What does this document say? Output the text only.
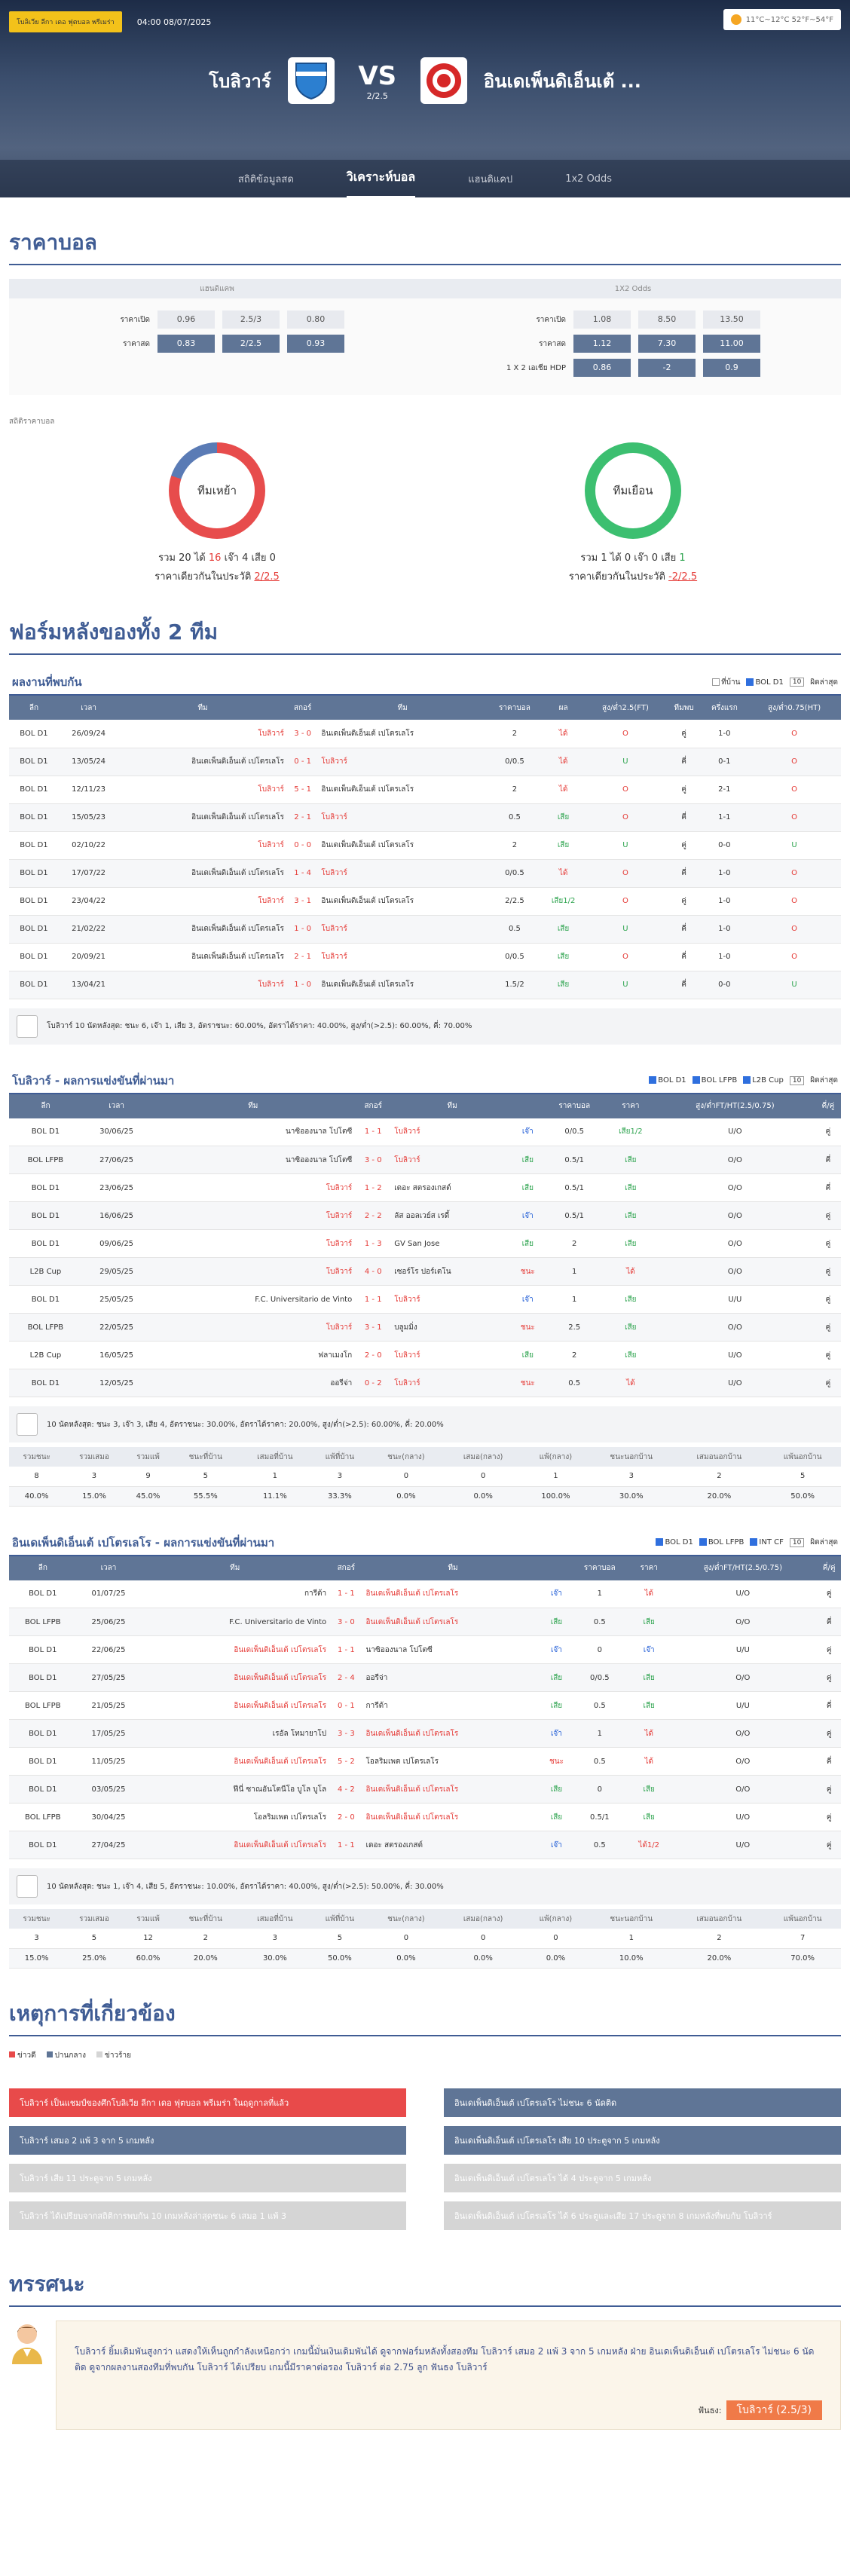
โบลิเวีย ลีกา เดอ ฟุตบอล พรีเมร่า	04:00 08/07/2025	11°C~12°C 52°F~54°F
โบลิวาร์	VS
2/2.5
อินเดเพ็นดิเอ็นเต้ ...
สถิติข้อมูลสด	วิเคราะห์บอล	แฮนดิแคป	1x2 Odds
ราคาบอล
แฮนดิแคพ	1X2 Odds
ราคาเปิด	0.96	2.5/3	0.80
ราคาสด	0.83	2/2.5	0.93
ราคาเปิด	1.08	8.50	13.50
ราคาสด	1.12	7.30	11.00
1 X 2 เอเชีย HDP	0.86	-2	0.9
สถิติราคาบอล
ทีมเหย้า
รวม 20 ได้ 16 เจ๊า 4 เสีย 0
ราคาเดียวกันในประวัติ 2/2.5
ทีมเยือน
รวม 1 ได้ 0 เจ๊า 0 เสีย 1
ราคาเดียวกันในประวัติ -2/2.5
ฟอร์มหลังของทั้ง 2 ทีม
ผลงานที่พบกัน	ที่บ้าน	BOL D1	10	ผิดล่าสุด
ลีก	เวลา	ทีม	สกอร์	ทีม	ราคาบอล	ผล	สูง/ต่ำ2.5(FT)	ทีมพบ	ครึ่งแรก	สูง/ต่ำ0.75(HT)
BOL D1	26/09/24	โบลิวาร์	3 - 0	อินเดเพ็นดิเอ็นเต้ เปโตรเลโร	2	ได้	O	คู่	1-0	O
BOL D1	13/05/24	อินเดเพ็นดิเอ็นเต้ เปโตรเลโร	0 - 1	โบลิวาร์	0/0.5	ได้	U	คี่	0-1	O
BOL D1	12/11/23	โบลิวาร์	5 - 1	อินเดเพ็นดิเอ็นเต้ เปโตรเลโร	2	ได้	O	คู่	2-1	O
BOL D1	15/05/23	อินเดเพ็นดิเอ็นเต้ เปโตรเลโร	2 - 1	โบลิวาร์	0.5	เสีย	O	คี่	1-1	O
BOL D1	02/10/22	โบลิวาร์	0 - 0	อินเดเพ็นดิเอ็นเต้ เปโตรเลโร	2	เสีย	U	คู่	0-0	U
BOL D1	17/07/22	อินเดเพ็นดิเอ็นเต้ เปโตรเลโร	1 - 4	โบลิวาร์	0/0.5	ได้	O	คี่	1-0	O
BOL D1	23/04/22	โบลิวาร์	3 - 1	อินเดเพ็นดิเอ็นเต้ เปโตรเลโร	2/2.5	เสีย1/2	O	คู่	1-0	O
BOL D1	21/02/22	อินเดเพ็นดิเอ็นเต้ เปโตรเลโร	1 - 0	โบลิวาร์	0.5	เสีย	U	คี่	1-0	O
BOL D1	20/09/21	อินเดเพ็นดิเอ็นเต้ เปโตรเลโร	2 - 1	โบลิวาร์	0/0.5	เสีย	O	คี่	1-0	O
BOL D1	13/04/21	โบลิวาร์	1 - 0	อินเดเพ็นดิเอ็นเต้ เปโตรเลโร	1.5/2	เสีย	U	คี่	0-0	U
โบลิวาร์ 10 นัดหลังสุด: ชนะ 6, เจ๊า 1, เสีย 3, อัตราชนะ: 60.00%, อัตราได้ราคา: 40.00%, สูง/ต่ำ(>2.5): 60.00%, คี่: 70.00%
โบลิวาร์ - ผลการแข่งขันที่ผ่านมา	BOL D1	BOL LFPB	L2B Cup	10	ผิดล่าสุด
ลีก	เวลา	ทีม	สกอร์	ทีม		ราคาบอล	ราคา	สูง/ต่ำFT/HT(2.5/0.75)	คี่/คู่
BOL D1	30/06/25	นาซิอองนาล โปโตซี	1 - 1	โบลิวาร์	เจ๊า	0/0.5	เสีย1/2	U/O	คู่
BOL LFPB	27/06/25	นาซิอองนาล โปโตซี	3 - 0	โบลิวาร์	เสีย	0.5/1	เสีย	O/O	คี่
BOL D1	23/06/25	โบลิวาร์	1 - 2	เดอะ สตรองเกสต์	เสีย	0.5/1	เสีย	O/O	คี่
BOL D1	16/06/25	โบลิวาร์	2 - 2	ลัส ออลเวย์ส เรดี้	เจ๊า	0.5/1	เสีย	O/O	คู่
BOL D1	09/06/25	โบลิวาร์	1 - 3	GV San Jose	เสีย	2	เสีย	O/O	คู่
L2B Cup	29/05/25	โบลิวาร์	4 - 0	เซอร์โร ปอร์เตโน	ชนะ	1	ได้	O/O	คู่
BOL D1	25/05/25	F.C. Universitario de Vinto	1 - 1	โบลิวาร์	เจ๊า	1	เสีย	U/U	คู่
BOL LFPB	22/05/25	โบลิวาร์	3 - 1	บลูมมิ่ง	ชนะ	2.5	เสีย	O/O	คู่
L2B Cup	16/05/25	ฟลาเมงโก	2 - 0	โบลิวาร์	เสีย	2	เสีย	U/O	คู่
BOL D1	12/05/25	ออรีจ่า	0 - 2	โบลิวาร์	ชนะ	0.5	ได้	U/O	คู่
10 นัดหลังสุด: ชนะ 3, เจ๊า 3, เสีย 4, อัตราชนะ: 30.00%, อัตราได้ราคา: 20.00%, สูง/ต่ำ(>2.5): 60.00%, คี่: 20.00%
รวมชนะ	รวมเสมอ	รวมแพ้	ชนะที่บ้าน	เสมอที่บ้าน	แพ้ที่บ้าน	ชนะ(กลาง)	เสมอ(กลาง)	แพ้(กลาง)	ชนะนอกบ้าน	เสมอนอกบ้าน	แพ้นอกบ้าน
8	3	9	5	1	3	0	0	1	3	2	5
40.0%	15.0%	45.0%	55.5%	11.1%	33.3%	0.0%	0.0%	100.0%	30.0%	20.0%	50.0%
อินเดเพ็นดิเอ็นเต้ เปโตรเลโร - ผลการแข่งขันที่ผ่านมา	BOL D1	BOL LFPB	INT CF	10	ผิดล่าสุด
ลีก	เวลา	ทีม	สกอร์	ทีม		ราคาบอล	ราคา	สูง/ต่ำFT/HT(2.5/0.75)	คี่/คู่
BOL D1	01/07/25	การีต้า	1 - 1	อินเดเพ็นดิเอ็นเต้ เปโตรเลโร	เจ๊า	1	ได้	U/O	คู่
BOL LFPB	25/06/25	F.C. Universitario de Vinto	3 - 0	อินเดเพ็นดิเอ็นเต้ เปโตรเลโร	เสีย	0.5	เสีย	O/O	คี่
BOL D1	22/06/25	อินเดเพ็นดิเอ็นเต้ เปโตรเลโร	1 - 1	นาซิอองนาล โปโตซี	เจ๊า	0	เจ๊า	U/U	คู่
BOL D1	27/05/25	อินเดเพ็นดิเอ็นเต้ เปโตรเลโร	2 - 4	ออรีจ่า	เสีย	0/0.5	เสีย	O/O	คู่
BOL LFPB	21/05/25	อินเดเพ็นดิเอ็นเต้ เปโตรเลโร	0 - 1	การีต้า	เสีย	0.5	เสีย	U/U	คี่
BOL D1	17/05/25	เรอัล โทมายาโป	3 - 3	อินเดเพ็นดิเอ็นเต้ เปโตรเลโร	เจ๊า	1	ได้	O/O	คู่
BOL D1	11/05/25	อินเดเพ็นดิเอ็นเต้ เปโตรเลโร	5 - 2	โอลริมเพต เปโตรเลโร	ชนะ	0.5	ได้	O/O	คี่
BOL D1	03/05/25	ฟีนี่ ซาณอันโตนีโอ บูโล บูโล	4 - 2	อินเดเพ็นดิเอ็นเต้ เปโตรเลโร	เสีย	0	เสีย	O/O	คู่
BOL LFPB	30/04/25	โอลริมเพต เปโตรเลโร	2 - 0	อินเดเพ็นดิเอ็นเต้ เปโตรเลโร	เสีย	0.5/1	เสีย	U/O	คู่
BOL D1	27/04/25	อินเดเพ็นดิเอ็นเต้ เปโตรเลโร	1 - 1	เดอะ สตรองเกสต์	เจ๊า	0.5	ได้1/2	U/O	คู่
10 นัดหลังสุด: ชนะ 1, เจ๊า 4, เสีย 5, อัตราชนะ: 10.00%, อัตราได้ราคา: 40.00%, สูง/ต่ำ(>2.5): 50.00%, คี่: 30.00%
รวมชนะ	รวมเสมอ	รวมแพ้	ชนะที่บ้าน	เสมอที่บ้าน	แพ้ที่บ้าน	ชนะ(กลาง)	เสมอ(กลาง)	แพ้(กลาง)	ชนะนอกบ้าน	เสมอนอกบ้าน	แพ้นอกบ้าน
3	5	12	2	3	5	0	0	0	1	2	7
15.0%	25.0%	60.0%	20.0%	30.0%	50.0%	0.0%	0.0%	0.0%	10.0%	20.0%	70.0%
เหตุการที่เกี่ยวข้อง
ข่าวดี	ปานกลาง	ข่าวร้าย
โบลิวาร์ เป็นแชมป์ของศึกโบลิเวีย ลีกา เดอ ฟุตบอล พรีเมร่า ในฤดูกาลที่แล้ว
โบลิวาร์ เสมอ 2 แพ้ 3 จาก 5 เกมหลัง
โบลิวาร์ เสีย 11 ประตูจาก 5 เกมหลัง
โบลิวาร์ ได้เปรียบจากสถิติการพบกัน 10 เกมหลังล่าสุดชนะ 6 เสมอ 1 แพ้ 3
อินเดเพ็นดิเอ็นเต้ เปโตรเลโร ไม่ชนะ 6 นัดติด
อินเดเพ็นดิเอ็นเต้ เปโตรเลโร เสีย 10 ประตูจาก 5 เกมหลัง
อินเดเพ็นดิเอ็นเต้ เปโตรเลโร ได้ 4 ประตูจาก 5 เกมหลัง
อินเดเพ็นดิเอ็นเต้ เปโตรเลโร ได้ 6 ประตูและเสีย 17 ประตูจาก 8 เกมหลังที่พบกับ โบลิวาร์
ทรรศนะ
โบลิวาร์ ยิ้มเดิมพันสูงกว่า แสดงให้เห็นถูกกำลังเหนือกว่า เกมนี้มั่นเงินเดิมพันได้ ดูจากฟอร์มหลังทั้งสองทีม โบลิวาร์ เสมอ 2 แพ้ 3 จาก 5 เกมหลัง ฝ่าย อินเดเพ็นดิเอ็นเต้ เปโตรเลโร ไม่ชนะ 6 นัดติด ดูจากผลงานสองทีมที่พบกัน โบลิวาร์ ได้เปรียบ เกมนี้มีราคาต่อรอง โบลิวาร์ ต่อ 2.75 ลูก ฟันธง โบลิวาร์
ฟันธง: โบลิวาร์ (2.5/3)
